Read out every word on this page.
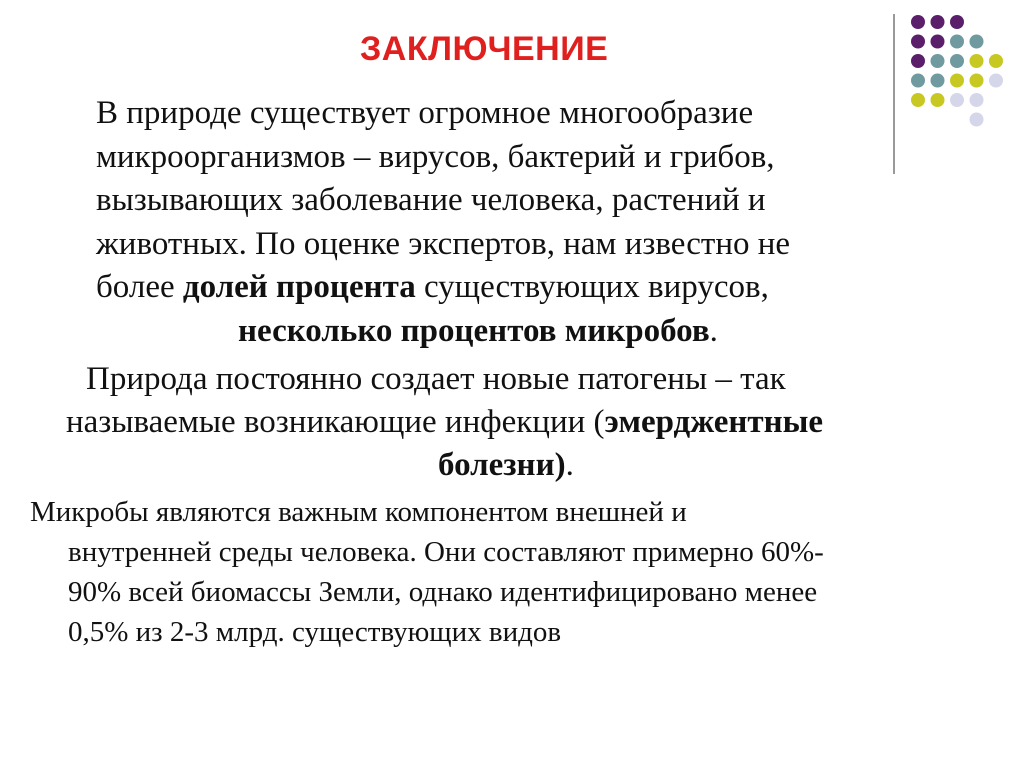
ЗАКЛЮЧЕНИЕ

В природе существует огромное многообразие
микроорганизмов – вирусов, бактерий и грибов,
вызывающих заболевание человека, растений и
животных. По оценке экспертов, нам известно не
более долей процента существующих вирусов,
несколько процентов микробов.

Природа постоянно создает новые патогены – так
называемые возникающие инфекции (эмерджентные
болезни).

Микробы являются важным компонентом внешней и
внутренней среды человека. Они составляют примерно 60%-
90% всей биомассы Земли, однако идентифицировано менее
0,5% из 2-3 млрд. существующих видов
